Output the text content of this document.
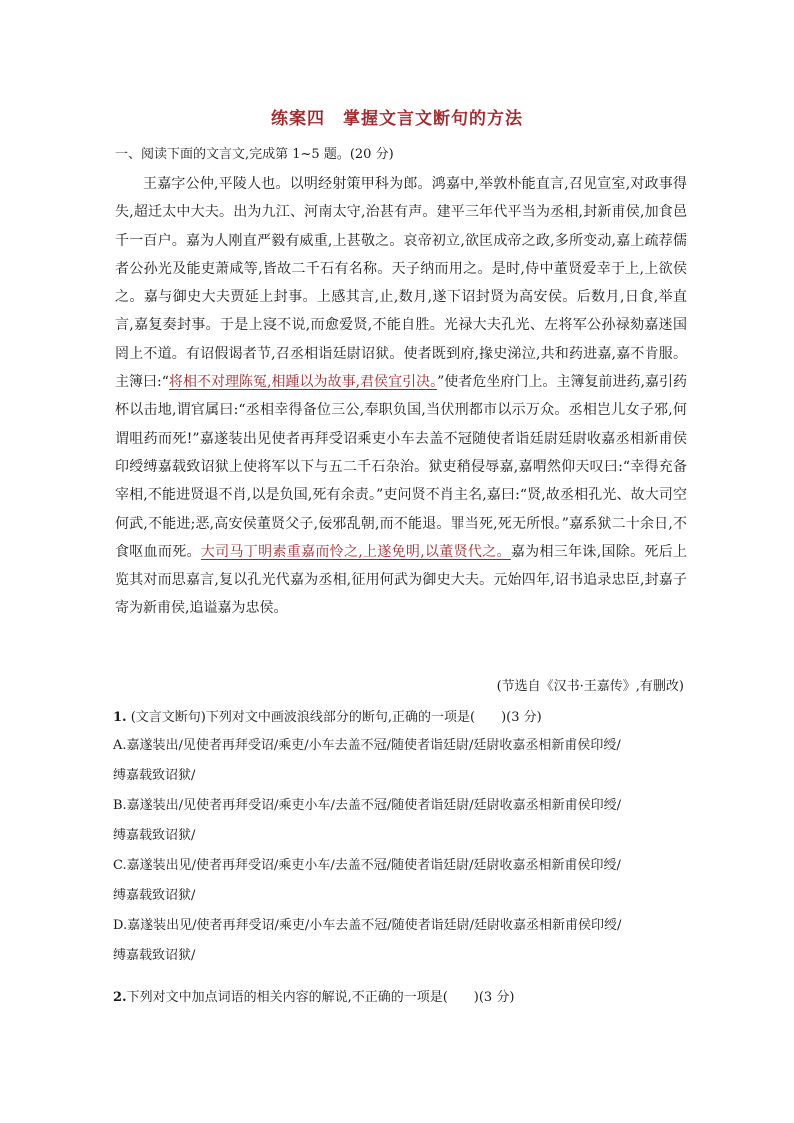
练案四 掌握文言文断句的方法
一、阅读下面的文言文,完成第 1~5 题。(20 分)

王嘉字公仲,平陵人也。以明经射策甲科为郎。鸿嘉中,举敦朴能直言,召见宣室,对政事得失,超迁太中大夫。出为九江、河南太守,治甚有声。建平三年代平当为丞相,封新甫侯,加食邑千一百户。嘉为人刚直严毅有威重,上甚敬之。哀帝初立,欲匡成帝之政,多所变动,嘉上疏荐儒者公孙光及能吏萧咸等,皆故二千石有名称。天子纳而用之。是时,侍中董贤爱幸于上,上欲侯之。嘉与御史大夫贾延上封事。上感其言,止,数月,遂下诏封贤为高安侯。后数月,日食,举直言,嘉复奏封事。于是上寖不说,而愈爱贤,不能自胜。光禄大夫孔光、左将军公孙禄劾嘉迷国罔上不道。有诏假谒者节,召丞相诣廷尉诏狱。使者既到府,掾史涕泣,共和药进嘉,嘉不肯服。主簿曰:“将相不对理陈冤,相踵以为故事,君侯宜引决。”使者危坐府门上。主簿复前进药,嘉引药杯以击地,谓官属曰:“丞相幸得备位三公,奉职负国,当伏刑都市以示万众。丞相岂儿女子邪,何谓咀药而死!”嘉遂装出见使者再拜受诏乘吏小车去盖不冠随使者诣廷尉廷尉收嘉丞相新甫侯印绶缚嘉载致诏狱上使将军以下与五二千石杂治。狱吏稍侵辱嘉,嘉喟然仰天叹曰:“幸得充备宰相,不能进贤退不肖,以是负国,死有余责。”吏问贤不肖主名,嘉曰:“贤,故丞相孔光、故大司空何武,不能进;恶,高安侯董贤父子,佞邪乱朝,而不能退。罪当死,死无所恨。”嘉系狱二十余日,不食呕血而死。大司马丁明素重嘉而怜之,上遂免明,以董贤代之。嘉为相三年诛,国除。死后上览其对而思嘉言,复以孔光代嘉为丞相,征用何武为御史大夫。元始四年,诏书追录忠臣,封嘉子寄为新甫侯,追谥嘉为忠侯。

(节选自《汉书·王嘉传》,有删改)
1. (文言文断句)下列对文中画波浪线部分的断句,正确的一项是(　　)(3 分)
A.嘉遂装出/见使者再拜受诏/乘吏/小车去盖不冠/随使者诣廷尉/廷尉收嘉丞相新甫侯印绶/
缚嘉载致诏狱/
B.嘉遂装出/见使者再拜受诏/乘吏小车/去盖不冠/随使者诣廷尉/廷尉收嘉丞相新甫侯印绶/
缚嘉载致诏狱/
C.嘉遂装出见/使者再拜受诏/乘吏小车/去盖不冠/随使者诣廷尉/廷尉收嘉丞相新甫侯印绶/
缚嘉载致诏狱/
D.嘉遂装出见/使者再拜受诏/乘吏/小车去盖不冠/随使者诣廷尉/廷尉收嘉丞相新甫侯印绶/
缚嘉载致诏狱/
2.下列对文中加点词语的相关内容的解说,不正确的一项是(　　)(3 分)
